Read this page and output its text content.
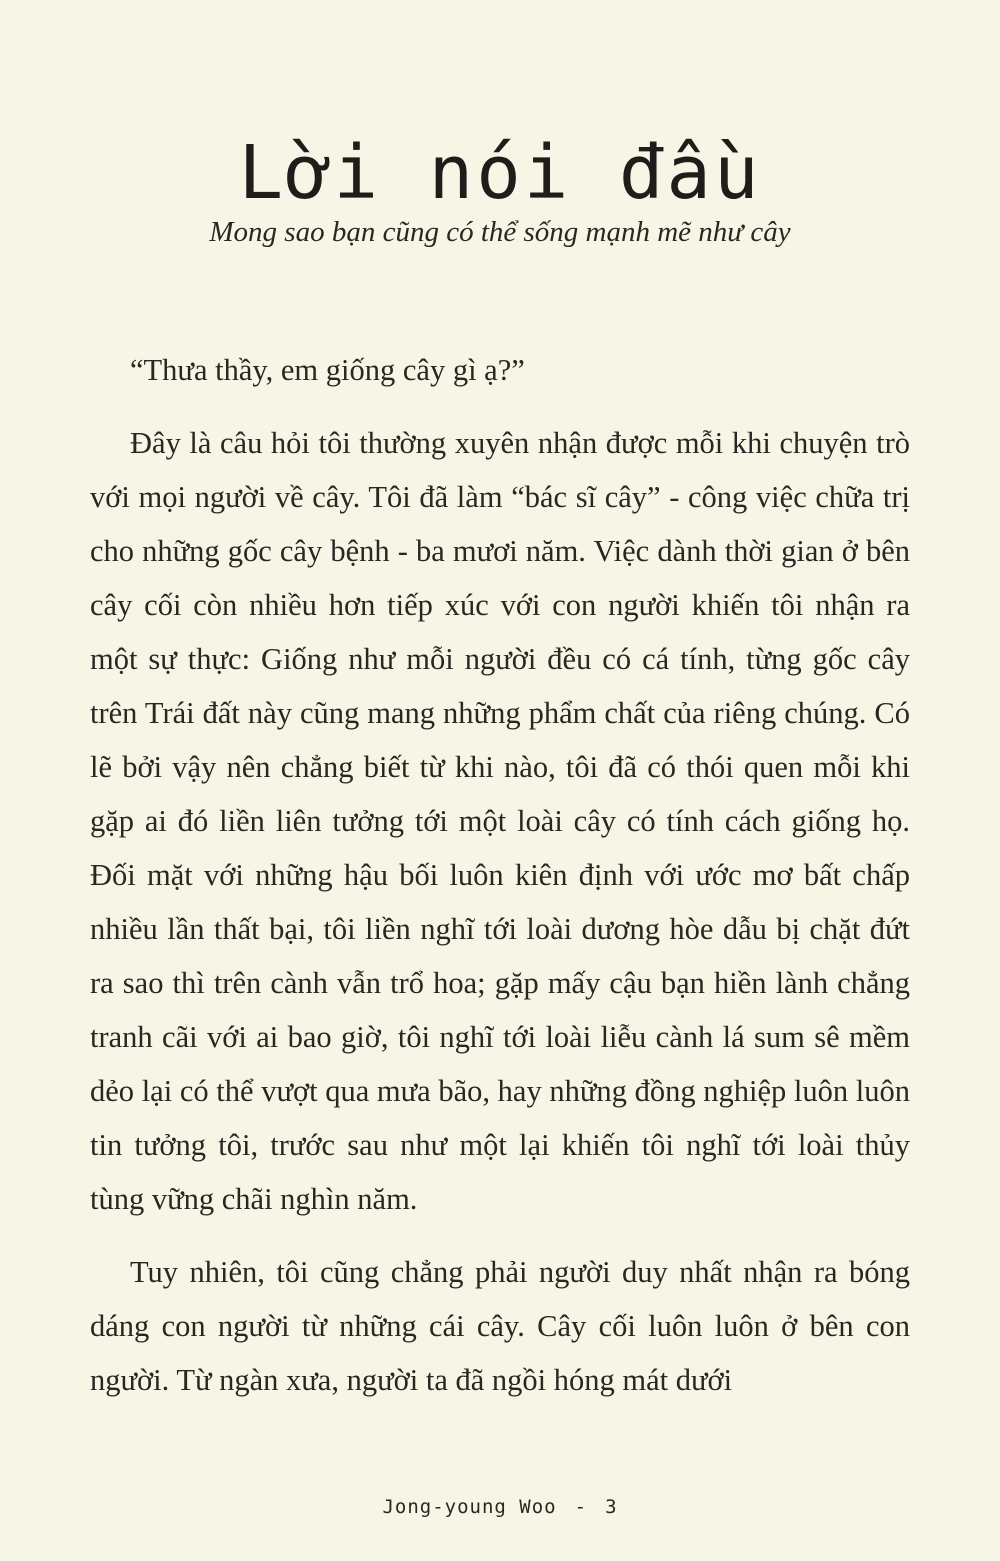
Lời nói đầu
Mong sao bạn cũng có thể sống mạnh mẽ như cây

“Thưa thầy, em giống cây gì ạ?”

Đây là câu hỏi tôi thường xuyên nhận được mỗi khi chuyện trò với mọi người về cây. Tôi đã làm “bác sĩ cây” - công việc chữa trị cho những gốc cây bệnh - ba mươi năm. Việc dành thời gian ở bên cây cối còn nhiều hơn tiếp xúc với con người khiến tôi nhận ra một sự thực: Giống như mỗi người đều có cá tính, từng gốc cây trên Trái đất này cũng mang những phẩm chất của riêng chúng. Có lẽ bởi vậy nên chẳng biết từ khi nào, tôi đã có thói quen mỗi khi gặp ai đó liền liên tưởng tới một loài cây có tính cách giống họ. Đối mặt với những hậu bối luôn kiên định với ước mơ bất chấp nhiều lần thất bại, tôi liền nghĩ tới loài dương hòe dẫu bị chặt đứt ra sao thì trên cành vẫn trổ hoa; gặp mấy cậu bạn hiền lành chẳng tranh cãi với ai bao giờ, tôi nghĩ tới loài liễu cành lá sum sê mềm dẻo lại có thể vượt qua mưa bão, hay những đồng nghiệp luôn luôn tin tưởng tôi, trước sau như một lại khiến tôi nghĩ tới loài thủy tùng vững chãi nghìn năm.

Tuy nhiên, tôi cũng chẳng phải người duy nhất nhận ra bóng dáng con người từ những cái cây. Cây cối luôn luôn ở bên con người. Từ ngàn xưa, người ta đã ngồi hóng mát dưới

Jong-young Woo - 3
